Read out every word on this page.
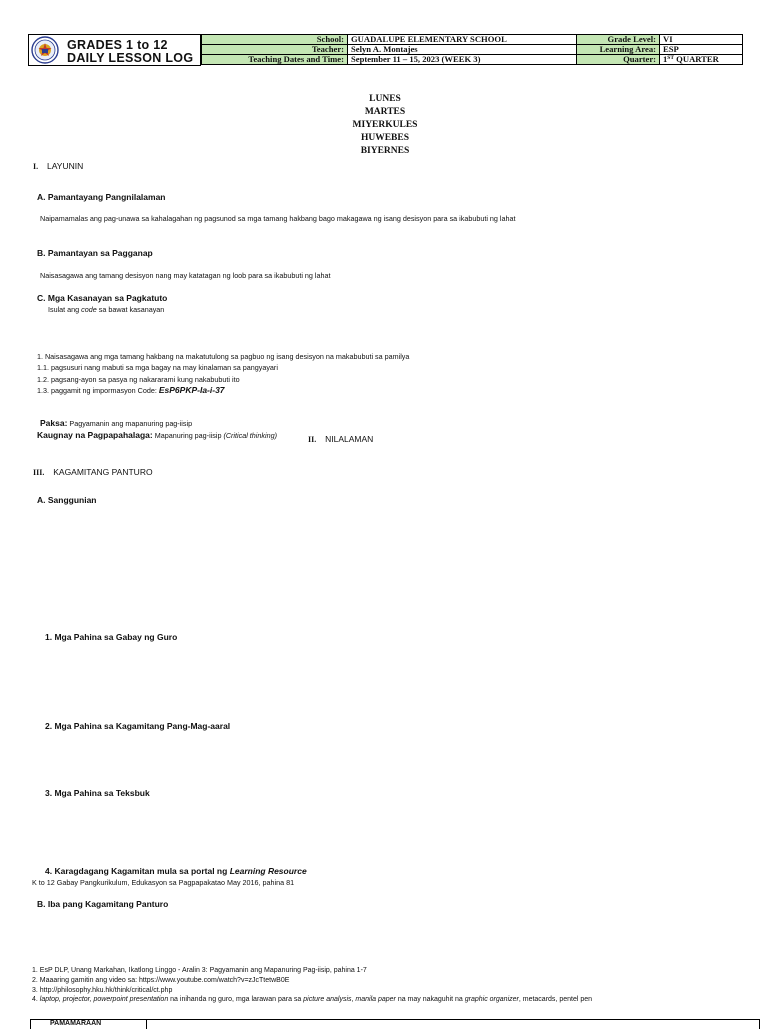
GRADES 1 to 12
DAILY LESSON LOG
School:	GUADALUPE ELEMENTARY SCHOOL	Grade Level:	VI
Teacher:	Selyn A. Montajes	Learning Area:	ESP
Teaching Dates and Time:	September 11 – 15, 2023 (WEEK 3)	Quarter:	1ST QUARTER
LUNES
MARTES
MIYERKULES
HUWEBES
BIYERNES
I. LAYUNIN
A. Pamantayang Pangnilalaman
Naipamamalas ang pag-unawa sa kahalagahan ng pagsunod sa mga tamang hakbang bago makagawa ng isang desisyon para sa ikabubuti ng lahat
B. Pamantayan sa Pagganap
Naisasagawa ang tamang desisyon nang may katatagan ng loob para sa ikabubuti ng lahat
C. Mga Kasanayan sa Pagkatuto
Isulat ang code sa bawat kasanayan
1. Naisasagawa ang mga tamang hakbang na makatutulong sa pagbuo ng isang desisyon na makabubuti sa pamilya
1.1. pagsusuri nang mabuti sa mga bagay na may kinalaman sa pangyayari
1.2. pagsang-ayon sa pasya ng nakararami kung nakabubuti ito
1.3. paggamit ng impormasyon Code: EsP6PKP-Ia-i-37
Paksa: Pagyamanin ang mapanuring pag-iisip
Kaugnay na Pagpapahalaga: Mapanuring pag-iisip (Critical thinking)	II. NILALAMAN
III. KAGAMITANG PANTURO
A. Sanggunian
1. Mga Pahina sa Gabay ng Guro
2. Mga Pahina sa Kagamitang Pang-Mag-aaral
3. Mga Pahina sa Teksbuk
4. Karagdagang Kagamitan mula sa portal ng Learning Resource
K to 12 Gabay Pangkurikulum, Edukasyon sa Pagpapakatao May 2016, pahina 81
B. Iba pang Kagamitang Panturo
1. EsP DLP, Unang Markahan, Ikatlong Linggo - Aralin 3: Pagyamanin ang Mapanuring Pag-iisip, pahina 1-7
2. Maaaring gamitin ang video sa: https://www.youtube.com/watch?v=zJcTtetwB0E
3. http://philosophy.hku.hk/think/critical/ct.php
4. laptop, projector, powerpoint presentation na inihanda ng guro, mga larawan para sa picture analysis, manila paper na may nakaguhit na graphic organizer, metacards, pentel pen
PAMAMARAAN
